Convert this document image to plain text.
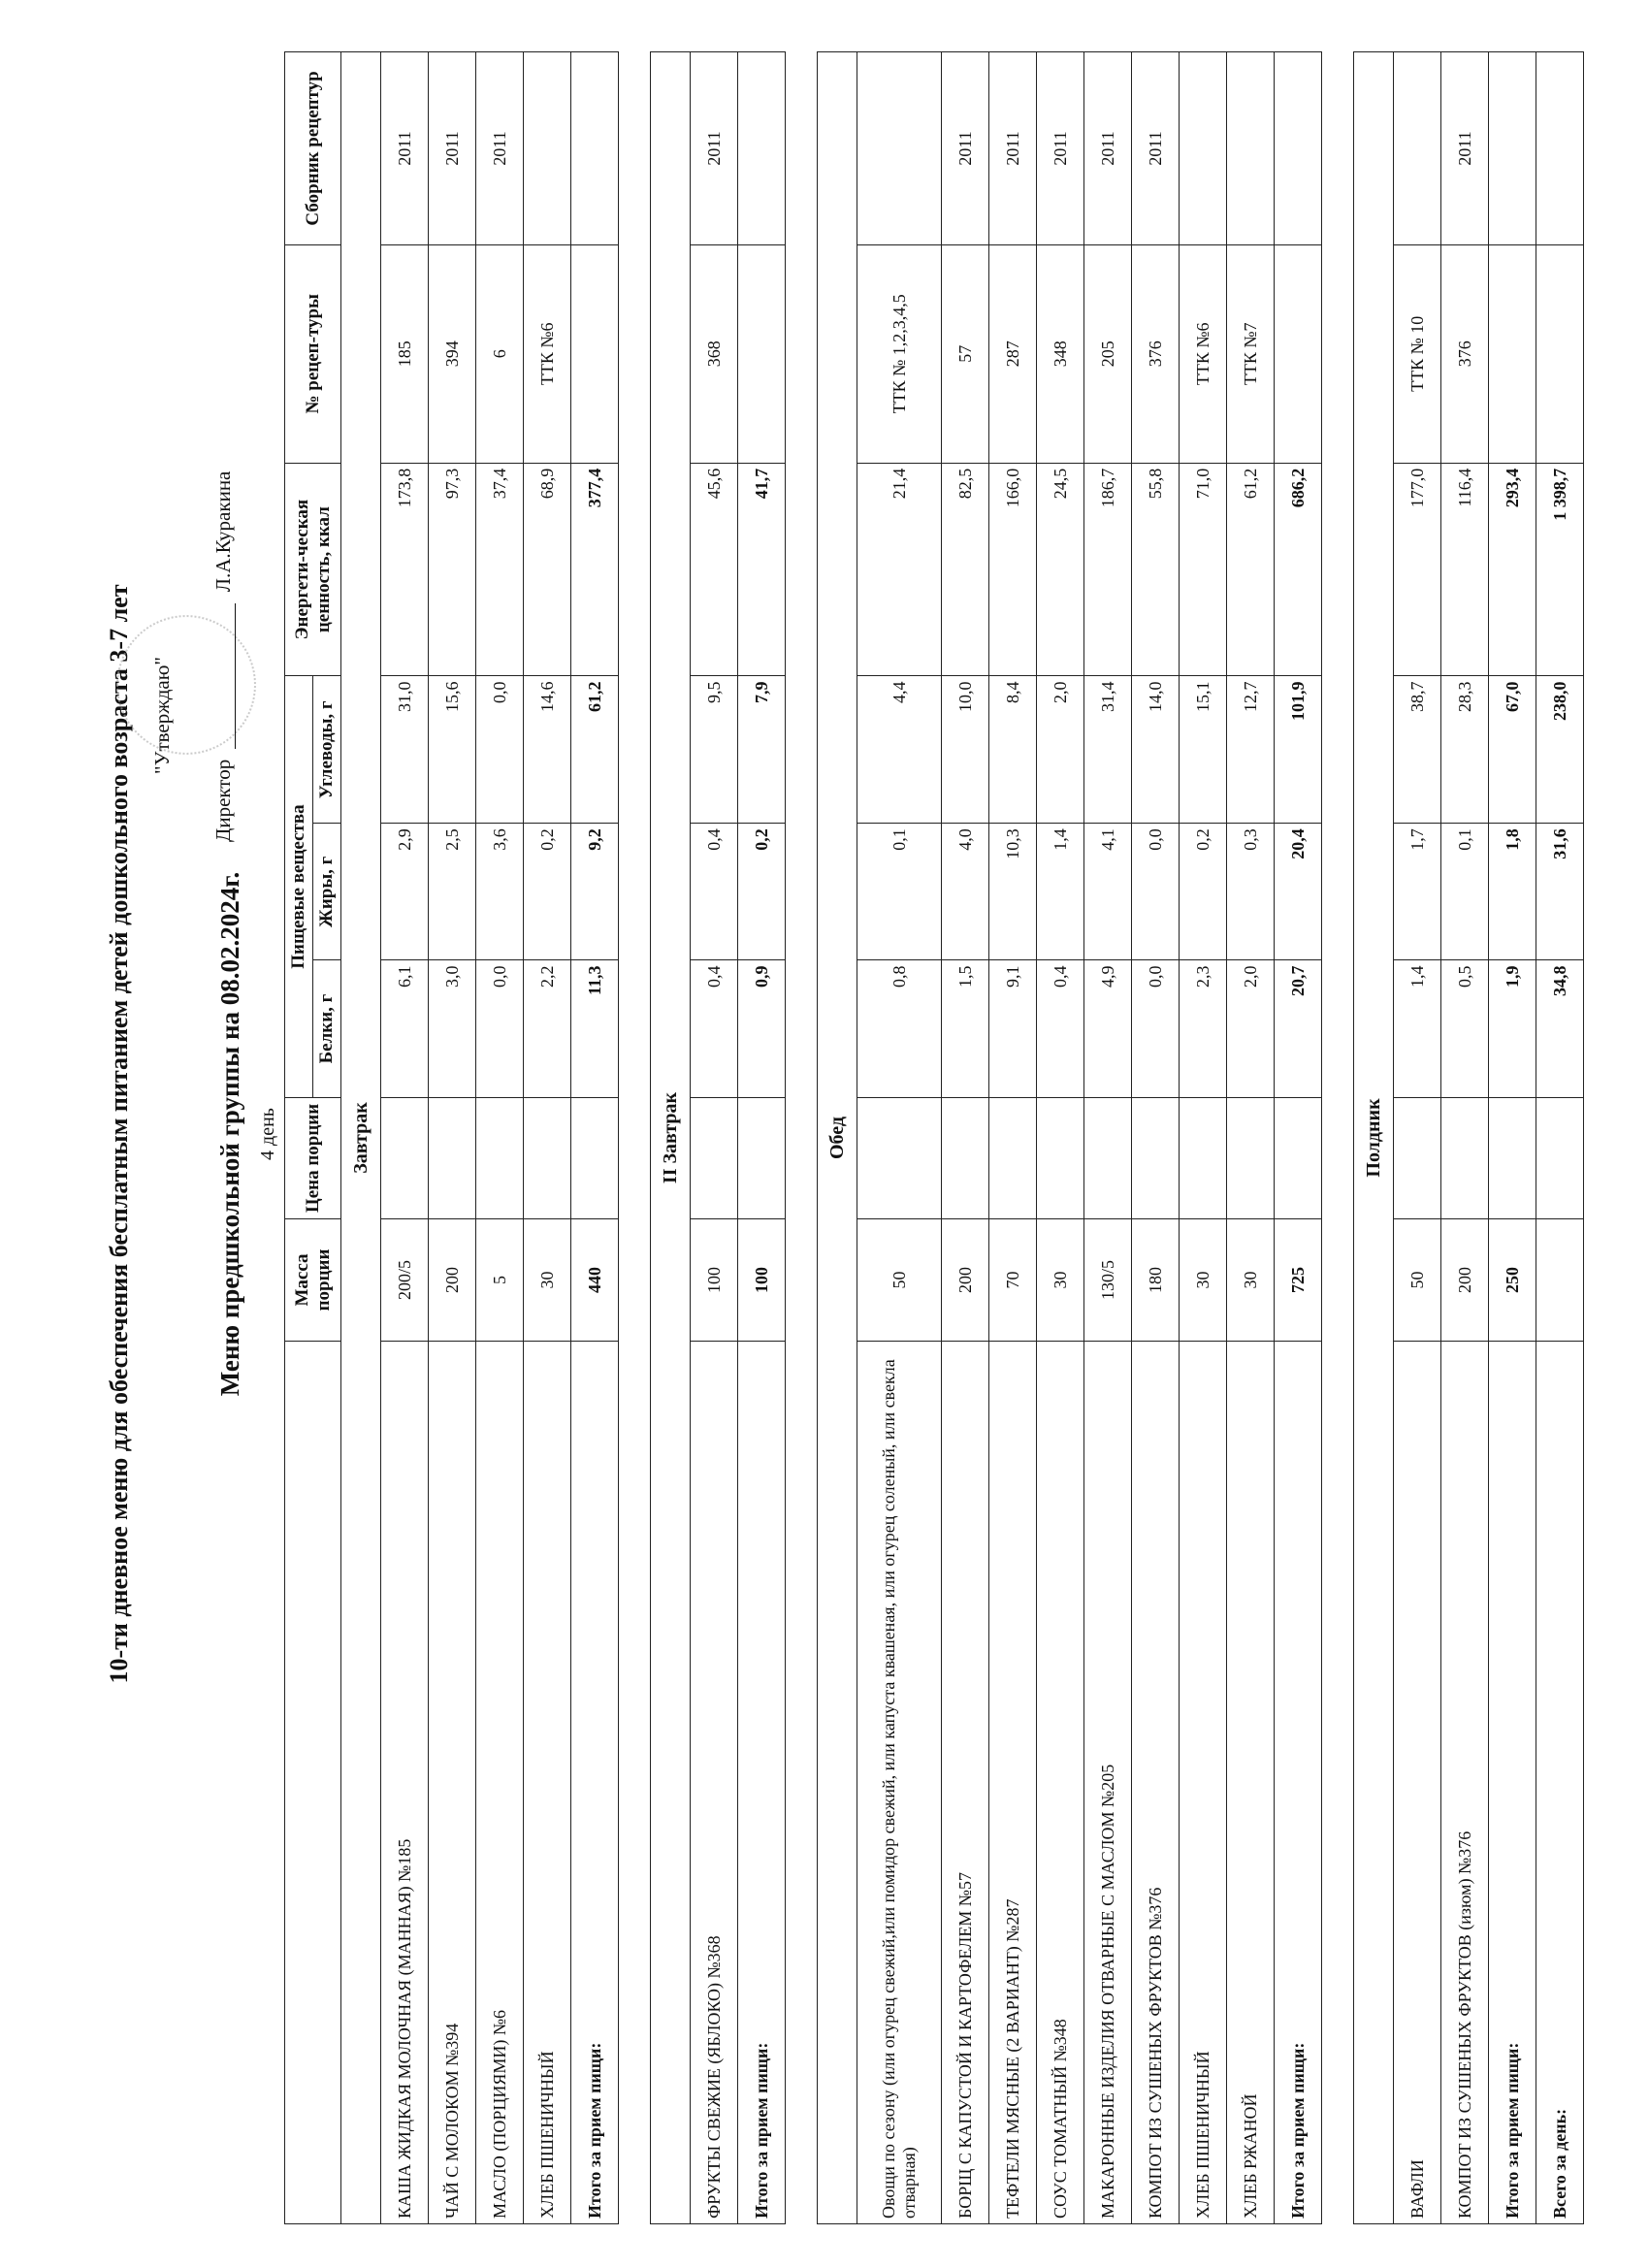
10-ти дневное меню для обеспечения бесплатным питанием детей дошкольного возраста 3-7 лет "Утверждаю"
Директор  Л.А.Куракина
Меню предшкольной группы на 08.02.2024г. 4 день
	Масса порции	Цена порции	Пищевые вещества			Энергети-ческая ценность, ккал	№ рецеп-туры	Сборник рецептур
			Белки, г	Жиры, г	Углеводы, г			
Завтрак								
КАША ЖИДКАЯ МОЛОЧНАЯ (МАННАЯ) №185	200/5		6,1	2,9	31,0	173,8	185	2011
ЧАЙ С МОЛОКОМ №394	200		3,0	2,5	15,6	97,3	394	2011
МАСЛО (ПОРЦИЯМИ) №6	5		0,0	3,6	0,0	37,4	6	2011
ХЛЕБ ПШЕНИЧНЫЙ	30		2,2	0,2	14,6	68,9	ТТК №6	
Итого за прием пищи:	440		11,3	9,2	61,2	377,4		

II Завтрак								
ФРУКТЫ СВЕЖИЕ (ЯБЛОКО) №368	100		0,4	0,4	9,5	45,6	368	2011
Итого за прием пищи:	100		0,9	0,2	7,9	41,7		

Обед								
Овощи по сезону (или огурец свежий,или помидор свежий, или капуста квашеная, или огурец соленый, или свекла отварная)	50		0,8	0,1	4,4	21,4	ТТК № 1,2,3,4,5	
БОРЩ С КАПУСТОЙ И КАРТОФЕЛЕМ №57	200		1,5	4,0	10,0	82,5	57	2011
ТЕФТЕЛИ МЯСНЫЕ (2 ВАРИАНТ) №287	70		9,1	10,3	8,4	166,0	287	2011
СОУС ТОМАТНЫЙ №348	30		0,4	1,4	2,0	24,5	348	2011
МАКАРОННЫЕ ИЗДЕЛИЯ ОТВАРНЫЕ С МАСЛОМ №205	130/5		4,9	4,1	31,4	186,7	205	2011
КОМПОТ ИЗ СУШЕНЫХ ФРУКТОВ №376	180		0,0	0,0	14,0	55,8	376	2011
ХЛЕБ ПШЕНИЧНЫЙ	30		2,3	0,2	15,1	71,0	ТТК №6	
ХЛЕБ РЖАНОЙ	30		2,0	0,3	12,7	61,2	ТТК №7	
Итого за прием пищи:	725		20,7	20,4	101,9	686,2		

Полдник								
ВАФЛИ	50		1,4	1,7	38,7	177,0	ТТК № 10	
КОМПОТ ИЗ СУШЕНЫХ ФРУКТОВ (изюм) №376	200		0,5	0,1	28,3	116,4	376	2011
Итого за прием пищи:	250		1,9	1,8	67,0	293,4		
Всего за день:			34,8	31,6	238,0	1 398,7		
